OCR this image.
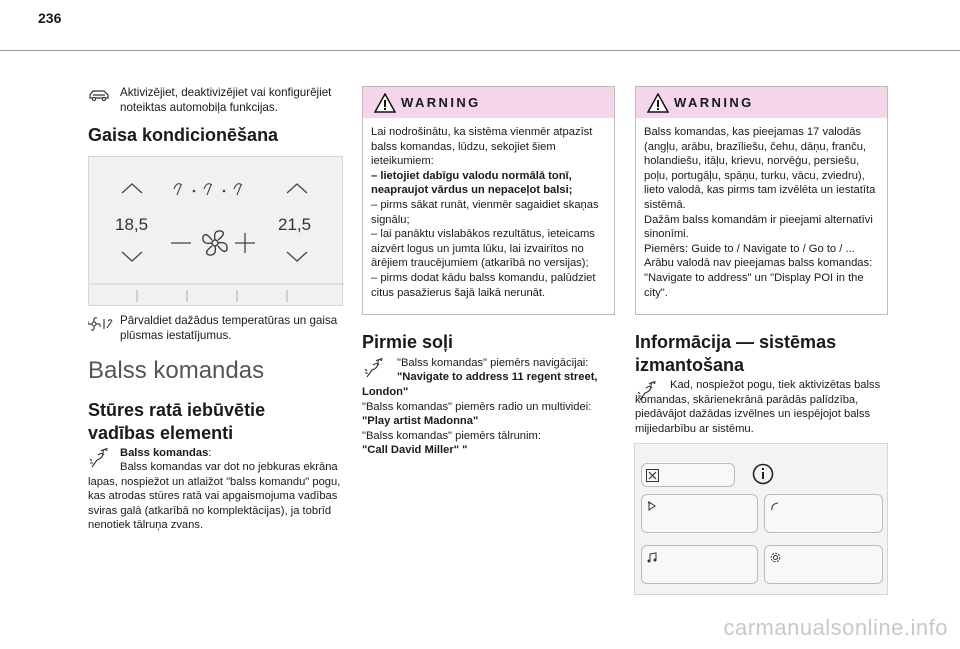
236
Aktivizējiet, deaktivizējiet vai konfigurējiet noteiktas automobiļa funkcijas.
Gaisa kondicionēšana
18,5	21,5
Pārvaldiet dažādus temperatūras un gaisa plūsmas iestatījumus.
Balss komandas
Stūres ratā iebūvētie
vadības elementi
Balss komandas:
Balss komandas var dot no jebkuras ekrāna lapas, nospiežot un atlaižot "balss komandu" pogu, kas atrodas stūres ratā vai apgaismojuma vadības sviras galā (atkarībā no komplektācijas), ja tobrīd nenotiek tālruņa zvans.
WARNING
Lai nodrošinātu, ka sistēma vienmēr atpazīst balss komandas, lūdzu, sekojiet šiem ieteikumiem:
– lietojiet dabīgu valodu normālā tonī, neapraujot vārdus un nepaceļot balsi;
– pirms sākat runāt, vienmēr sagaidiet skaņas signālu;
– lai panāktu vislabākos rezultātus, ieteicams aizvērt logus un jumta lūku, lai izvairītos no ārējiem traucējumiem (atkarībā no versijas);
– pirms dodat kādu balss komandu, palūdziet citus pasažierus šajā laikā nerunāt.
Pirmie soļi
"Balss komandas" piemērs navigācijai:
"Navigate to address 11 regent street, London"
"Balss komandas" piemērs radio un multividei:
"Play artist Madonna"
"Balss komandas" piemērs tālrunim:
"Call David Miller" "
WARNING
Balss komandas, kas pieejamas 17 valodās (angļu, arābu, brazīliešu, čehu, dāņu, franču, holandiešu, itāļu, krievu, norvēģu, persiešu, poļu, portugāļu, spāņu, turku, vācu, zviedru), lieto valodā, kas pirms tam izvēlēta un iestatīta sistēmā.
Dažām balss komandām ir pieejami alternatīvi sinonīmi.
Piemērs: Guide to / Navigate to / Go to / ...
Arābu valodā nav pieejamas balss komandas: "Navigate to address" un "Display POI in the city".
Informācija — sistēmas
izmantošana
Kad, nospiežot pogu, tiek aktivizētas balss komandas, skārienekrānā parādās palīdzība, piedāvājot dažādas izvēlnes un iespējojot balss mijiedarbību ar sistēmu.
carmanualsonline.info
